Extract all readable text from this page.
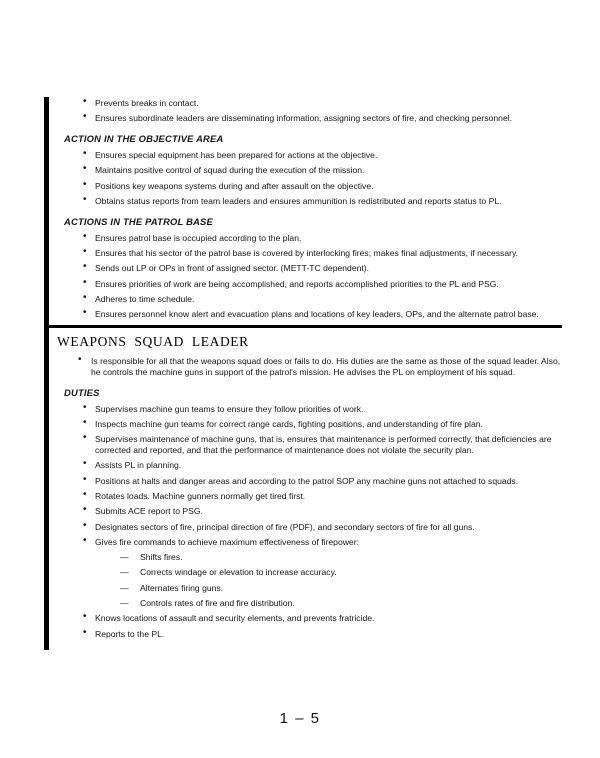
• Prevents breaks in contact.
• Ensures subordinate leaders are disseminating information, assigning sectors of fire, and checking personnel.
ACTION IN THE OBJECTIVE AREA
• Ensures special equipment has been prepared for actions at the objective.
• Maintains positive control of squad during the execution of the mission.
• Positions key weapons systems during and after assault on the objective.
• Obtains status reports from team leaders and ensures ammunition is redistributed and reports status to PL.
ACTIONS IN THE PATROL BASE
• Ensures patrol base is occupied according to the plan.
• Ensures that his sector of the patrol base is covered by interlocking fires; makes final adjustments, if necessary.
• Sends out LP or OPs in front of assigned sector. (METT-TC dependent).
• Ensures priorities of work are being accomplished, and reports accomplished priorities to the PL and PSG.
• Adheres to time schedule.
• Ensures personnel know alert and evacuation plans and locations of key leaders, OPs, and the alternate patrol base.
WEAPONS SQUAD LEADER
• Is responsible for all that the weapons squad does or fails to do. His duties are the same as those of the squad leader. Also, he controls the machine guns in support of the patrol's mission. He advises the PL on employment of his squad.
DUTIES
• Supervises machine gun teams to ensure they follow priorities of work.
• Inspects machine gun teams for correct range cards, fighting positions, and understanding of fire plan.
• Supervises maintenance of machine guns, that is, ensures that maintenance is performed correctly, that deficiencies are corrected and reported, and that the performance of maintenance does not violate the security plan.
• Assists PL in planning.
• Positions at halts and danger areas and according to the patrol SOP any machine guns not attached to squads.
• Rotates loads. Machine gunners normally get tired first.
• Submits ACE report to PSG.
• Designates sectors of fire, principal direction of fire (PDF), and secondary sectors of fire for all guns.
• Gives fire commands to achieve maximum effectiveness of firepower:
— Shifts fires.
— Corrects windage or elevation to increase accuracy.
— Alternates firing guns.
— Controls rates of fire and fire distribution.
• Knows locations of assault and security elements, and prevents fratricide.
• Reports to the PL.
1 – 5
